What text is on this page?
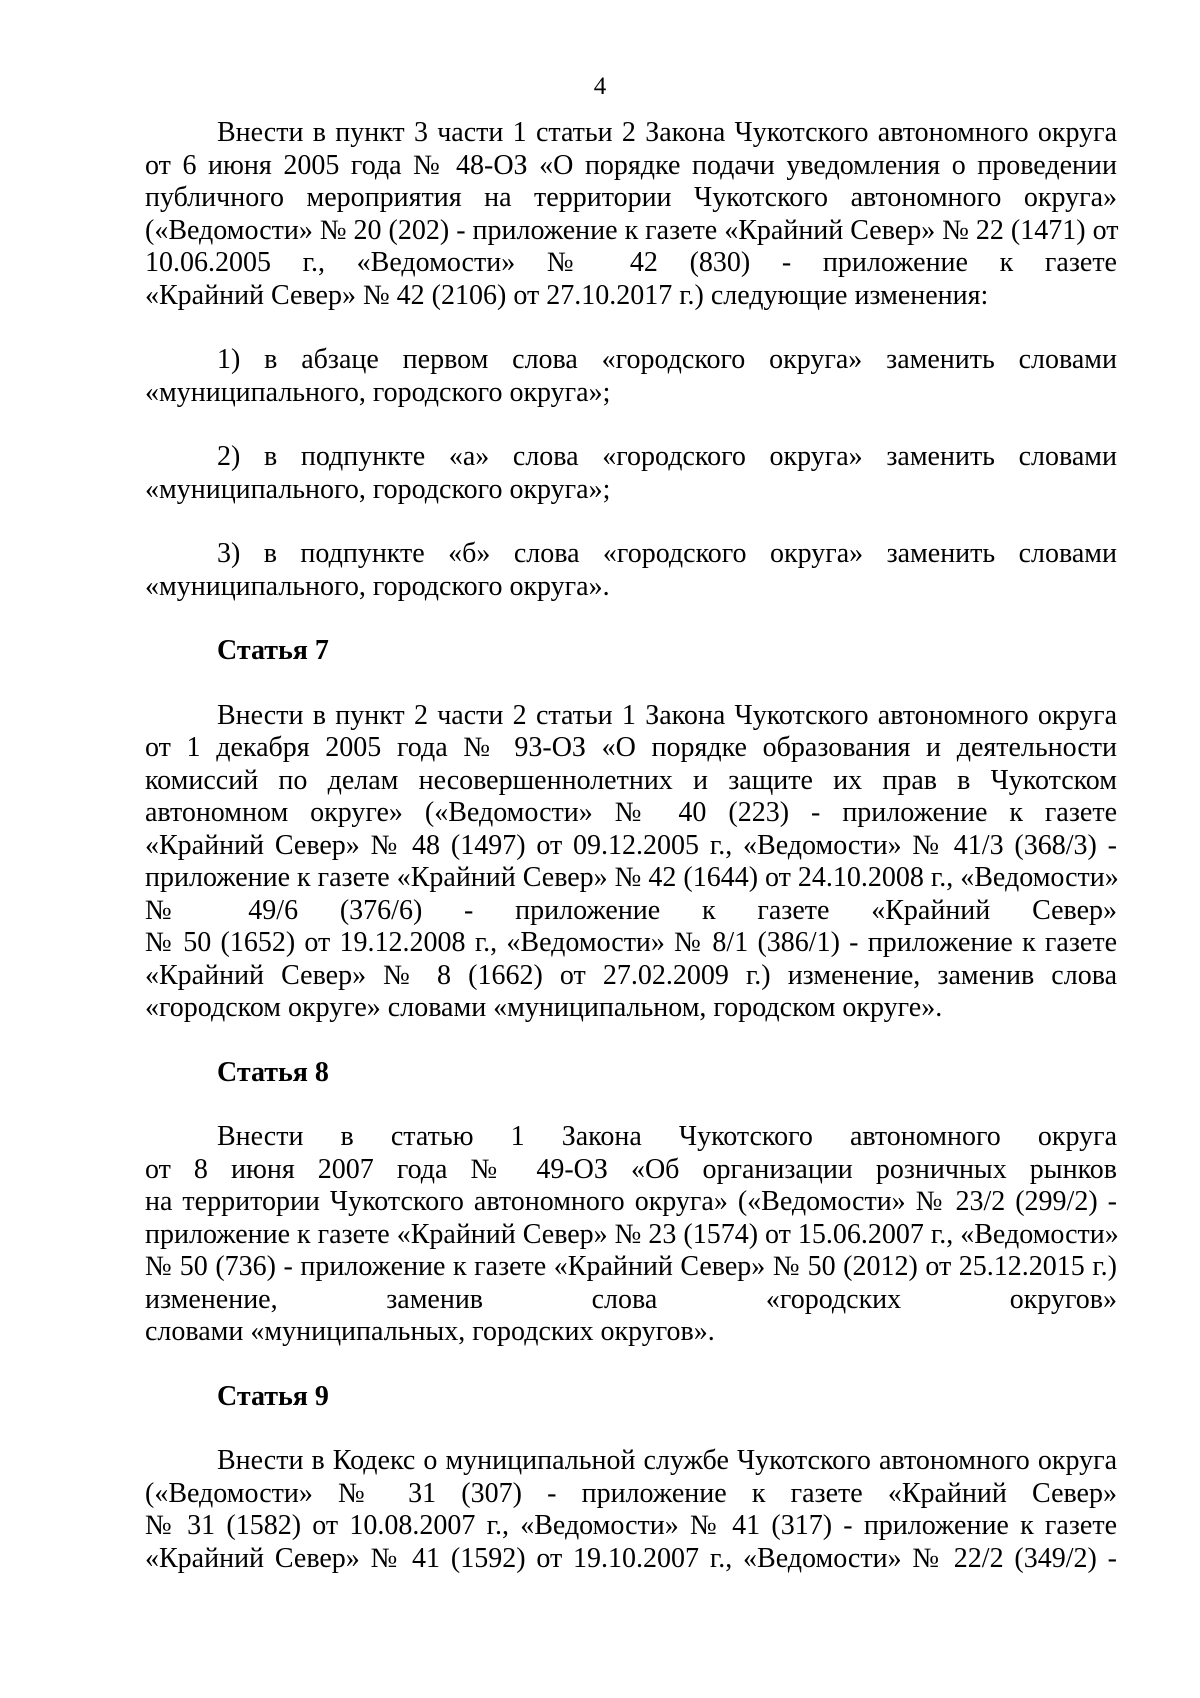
4
Внести в пункт 3 части 1 статьи 2 Закона Чукотского автономного округа
от 6 июня 2005 года № 48-ОЗ «О порядке подачи уведомления о проведении
публичного мероприятия на территории Чукотского автономного округа»
(«Ведомости» № 20 (202) - приложение к газете «Крайний Север» № 22 (1471) от
10.06.2005 г., «Ведомости» № 42 (830) - приложение к газете
«Крайний Север» № 42 (2106) от 27.10.2017 г.) следующие изменения:
1) в абзаце первом слова «городского округа» заменить словами
«муниципального, городского округа»;
2) в подпункте «а» слова «городского округа» заменить словами
«муниципального, городского округа»;
3) в подпункте «б» слова «городского округа» заменить словами
«муниципального, городского округа».
Статья 7
Внести в пункт 2 части 2 статьи 1 Закона Чукотского автономного округа
от 1 декабря 2005 года № 93-ОЗ «О порядке образования и деятельности
комиссий по делам несовершеннолетних и защите их прав в Чукотском
автономном округе» («Ведомости» № 40 (223) - приложение к газете
«Крайний Север» № 48 (1497) от 09.12.2005 г., «Ведомости» № 41/3 (368/3) -
приложение к газете «Крайний Север» № 42 (1644) от 24.10.2008 г., «Ведомости»
№ 49/6 (376/6) - приложение к газете «Крайний Север»
№ 50 (1652) от 19.12.2008 г., «Ведомости» № 8/1 (386/1) - приложение к газете
«Крайний Север» № 8 (1662) от 27.02.2009 г.) изменение, заменив слова
«городском округе» словами «муниципальном, городском округе».
Статья 8
Внести в статью 1 Закона Чукотского автономного округа
от 8 июня 2007 года № 49-ОЗ «Об организации розничных рынков
на территории Чукотского автономного округа» («Ведомости» № 23/2 (299/2) -
приложение к газете «Крайний Север» № 23 (1574) от 15.06.2007 г., «Ведомости»
№ 50 (736) - приложение к газете «Крайний Север» № 50 (2012) от 25.12.2015 г.)
изменение, заменив слова «городских округов»
словами «муниципальных, городских округов».
Статья 9
Внести в Кодекс о муниципальной службе Чукотского автономного округа
(«Ведомости» № 31 (307) - приложение к газете «Крайний Север»
№ 31 (1582) от 10.08.2007 г., «Ведомости» № 41 (317) - приложение к газете
«Крайний Север» № 41 (1592) от 19.10.2007 г., «Ведомости» № 22/2 (349/2) -
